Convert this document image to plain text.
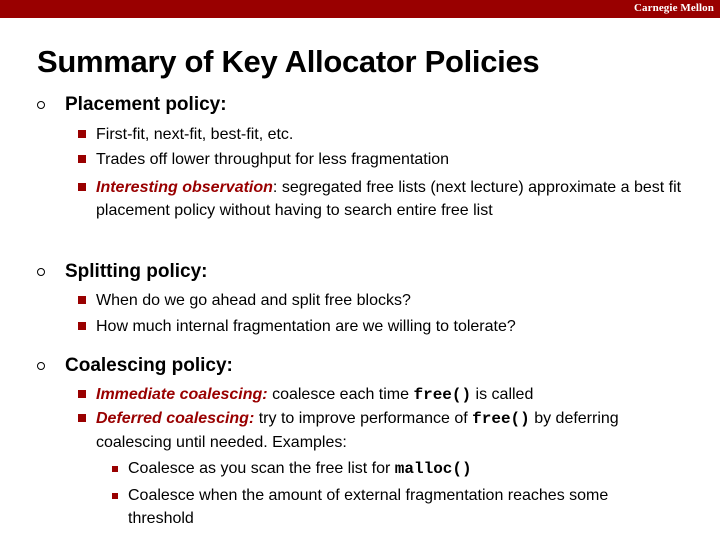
Carnegie Mellon
Summary of Key Allocator Policies
Placement policy:
First-fit, next-fit, best-fit, etc.
Trades off lower throughput for less fragmentation
Interesting observation: segregated free lists (next lecture) approximate a best fit placement policy without having to search entire free list
Splitting policy:
When do we go ahead and split free blocks?
How much internal fragmentation are we willing to tolerate?
Coalescing policy:
Immediate coalescing: coalesce each time free() is called
Deferred coalescing: try to improve performance of free() by deferring coalescing until needed. Examples:
Coalesce as you scan the free list for malloc()
Coalesce when the amount of external fragmentation reaches some threshold
